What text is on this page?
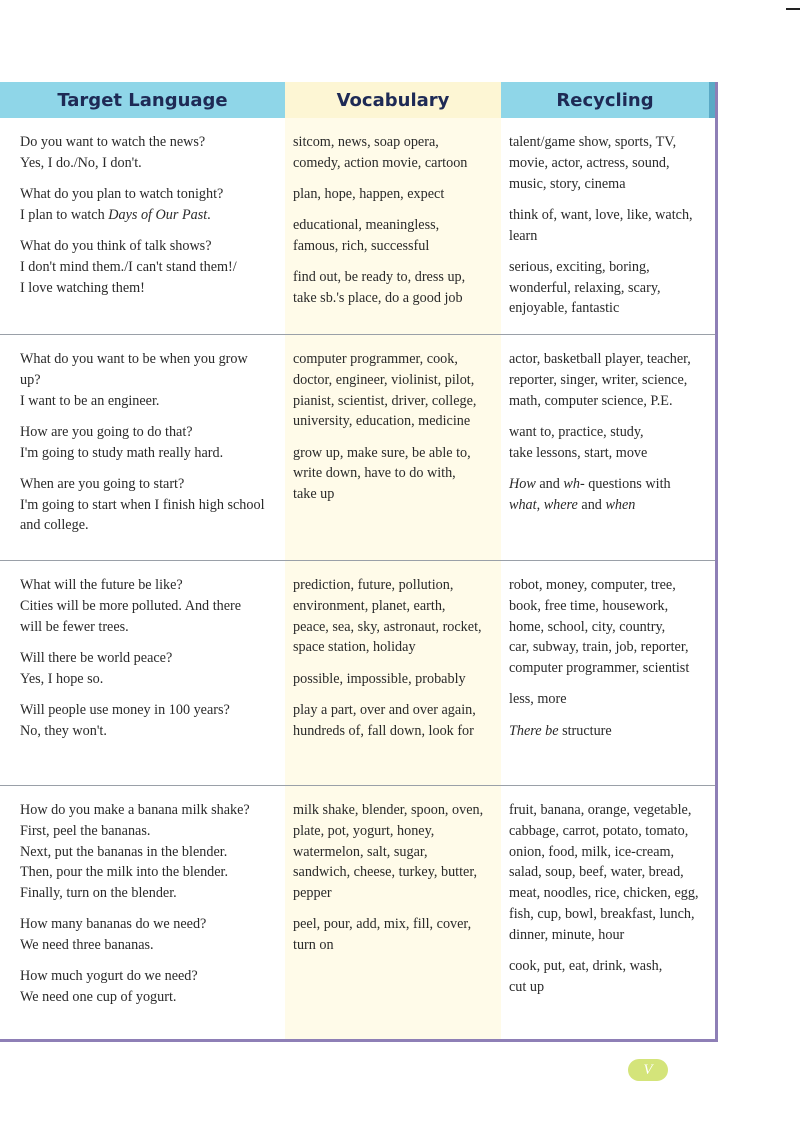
Target Language	Vocabulary	Recycling
Do you want to watch the news?
Yes, I do./No, I don't.
What do you plan to watch tonight?
I plan to watch Days of Our Past.
What do you think of talk shows?
I don't mind them./I can't stand them!/
I love watching them!
sitcom, news, soap opera,
comedy, action movie, cartoon
plan, hope, happen, expect
educational, meaningless,
famous, rich, successful
find out, be ready to, dress up,
take sb.'s place, do a good job
talent/game show, sports, TV,
movie, actor, actress, sound,
music, story, cinema
think of, want, love, like, watch,
learn
serious, exciting, boring,
wonderful, relaxing, scary,
enjoyable, fantastic
What do you want to be when you grow
up?
I want to be an engineer.
How are you going to do that?
I'm going to study math really hard.
When are you going to start?
I'm going to start when I finish high school
and college.
computer programmer, cook,
doctor, engineer, violinist, pilot,
pianist, scientist, driver, college,
university, education, medicine
grow up, make sure, be able to,
write down, have to do with,
take up
actor, basketball player, teacher,
reporter, singer, writer, science,
math, computer science, P.E.
want to, practice, study,
take lessons, start, move
How and wh- questions with
what, where and when
What will the future be like?
Cities will be more polluted. And there
will be fewer trees.
Will there be world peace?
Yes, I hope so.
Will people use money in 100 years?
No, they won't.
prediction, future, pollution,
environment, planet, earth,
peace, sea, sky, astronaut, rocket,
space station, holiday
possible, impossible, probably
play a part, over and over again,
hundreds of, fall down, look for
robot, money, computer, tree,
book, free time, housework,
home, school, city, country,
car, subway, train, job, reporter,
computer programmer, scientist
less, more
There be structure
How do you make a banana milk shake?
First, peel the bananas.
Next, put the bananas in the blender.
Then, pour the milk into the blender.
Finally, turn on the blender.
How many bananas do we need?
We need three bananas.
How much yogurt do we need?
We need one cup of yogurt.
milk shake, blender, spoon, oven,
plate, pot, yogurt, honey,
watermelon, salt, sugar,
sandwich, cheese, turkey, butter,
pepper
peel, pour, add, mix, fill, cover,
turn on
fruit, banana, orange, vegetable,
cabbage, carrot, potato, tomato,
onion, food, milk, ice-cream,
salad, soup, beef, water, bread,
meat, noodles, rice, chicken, egg,
fish, cup, bowl, breakfast, lunch,
dinner, minute, hour
cook, put, eat, drink, wash,
cut up
V
